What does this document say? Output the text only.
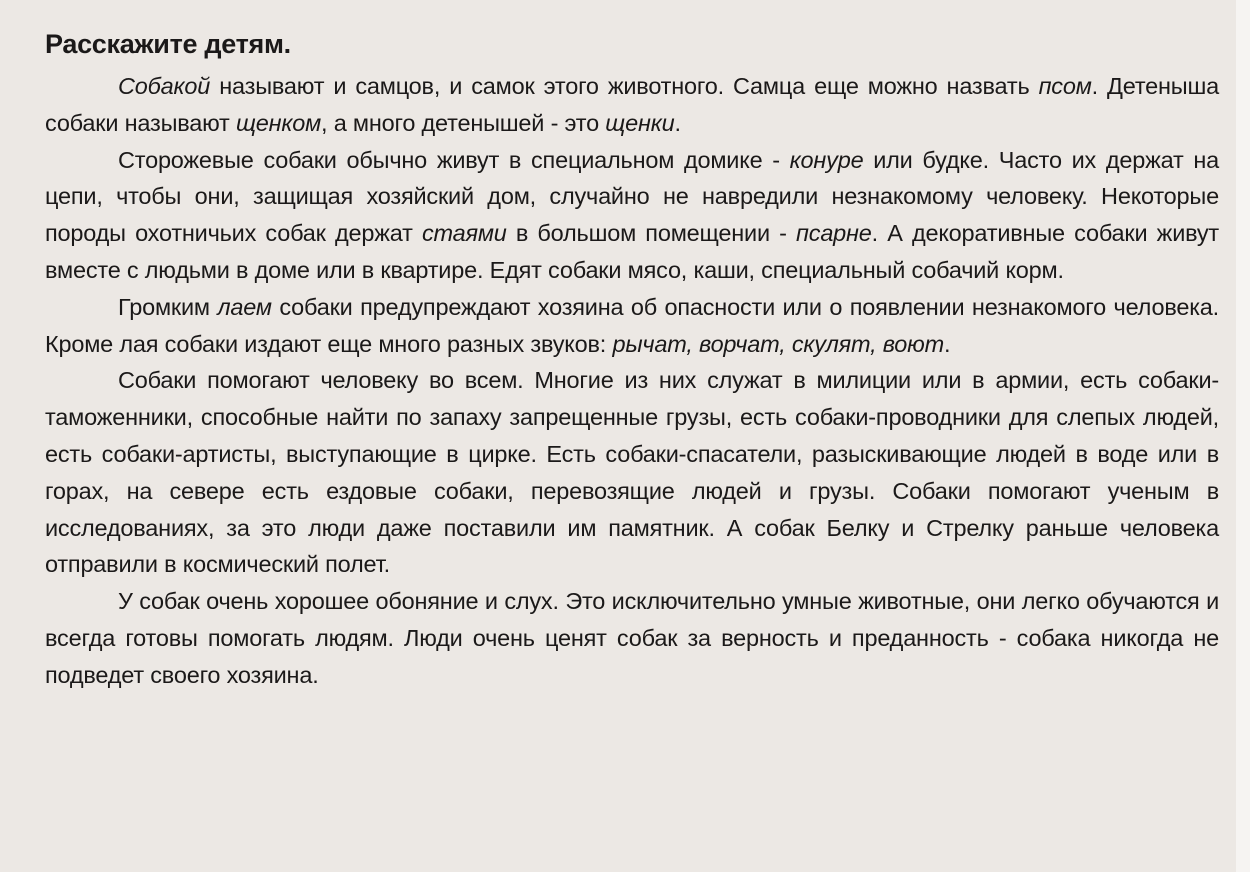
Расскажите детям.

Собакой называют и самцов, и самок этого животного. Самца еще можно назвать псом. Детеныша собаки называют щенком, а много детенышей - это щенки.

Сторожевые собаки обычно живут в специальном домике - конуре или будке. Часто их держат на цепи, чтобы они, защищая хозяйский дом, случайно не навредили незнакомому человеку. Некоторые породы охотничьих собак держат стаями в большом помещении - псарне. А декоративные собаки живут вместе с людьми в доме или в квартире. Едят собаки мясо, каши, специальный собачий корм.

Громким лаем собаки предупреждают хозяина об опасности или о появлении незнакомого человека. Кроме лая собаки издают еще много разных звуков: рычат, ворчат, скулят, воют.

Собаки помогают человеку во всем. Многие из них служат в милиции или в армии, есть собаки-таможенники, способные найти по запаху запрещенные грузы, есть собаки-проводники для слепых людей, есть собаки-артисты, выступающие в цирке. Есть собаки-спасатели, разыскивающие людей в воде или в горах, на севере есть ездовые собаки, перевозящие людей и грузы. Собаки помогают ученым в исследованиях, за это люди даже поставили им памятник. А собак Белку и Стрелку раньше человека отправили в космический полет.

У собак очень хорошее обоняние и слух. Это исключительно умные животные, они легко обучаются и всегда готовы помогать людям. Люди очень ценят собак за верность и преданность - собака никогда не подведет своего хозяина.
